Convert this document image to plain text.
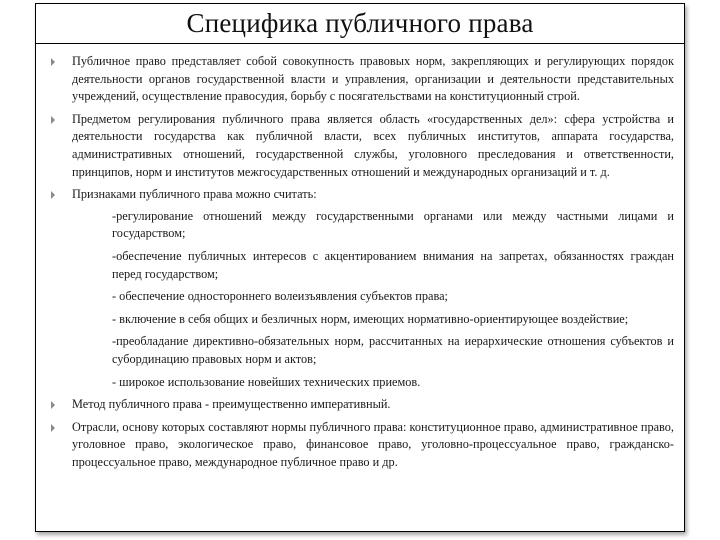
Специфика публичного права
Публичное право представляет собой совокупность правовых норм, закрепляющих и регулирующих порядок деятельности органов государственной власти и управления, организации и деятельности представительных учреждений, осуществление правосудия, борьбу с посягательствами на конституционный строй.
Предметом регулирования публичного права является область «государственных дел»: сфера устройства и деятельности государства как публичной власти, всех публичных институтов, аппарата государства, административных отношений, государственной службы, уголовного преследования и ответственности, принципов, норм и институтов межгосударственных отношений и международных организаций и т. д.
Признаками публичного права можно считать:
-регулирование отношений между государственными органами или между частными лицами и государством;
-обеспечение публичных интересов с акцентированием внимания на запретах, обязанностях граждан перед государством;
- обеспечение одностороннего волеизъявления субъектов права;
- включение в себя общих и безличных норм, имеющих нормативно-ориентирующее воздействие;
-преобладание директивно-обязательных норм, рассчитанных на иерархические отношения субъектов и субординацию правовых норм и актов;
- широкое использование новейших технических приемов.
Метод публичного права - преимущественно императивный.
Отрасли, основу которых составляют нормы публичного права: конституционное право, административное право, уголовное право, экологическое право, финансовое право, уголовно-процессуальное право, гражданско-процессуальное право, международное публичное право и др.
